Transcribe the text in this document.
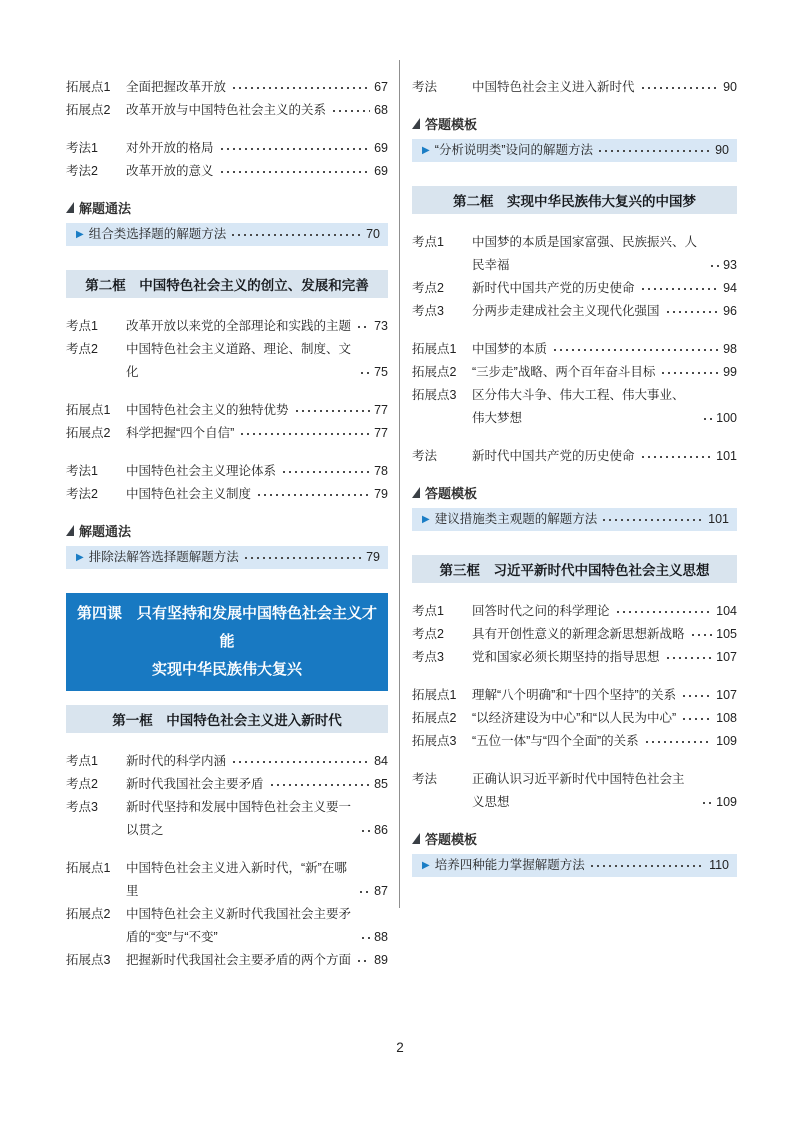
拓展点1	全面把握改革开放	67
拓展点2	改革开放与中国特色社会主义的关系	68
考法1	对外开放的格局	69
考法2	改革开放的意义	69
解题通法
▶ 组合类选择题的解题方法	70
第二框　中国特色社会主义的创立、发展和完善
考点1	改革开放以来党的全部理论和实践的主题 73
考点2	中国特色社会主义道路、理论、制度、文化	75
拓展点1	中国特色社会主义的独特优势	77
拓展点2	科学把握“四个自信”	77
考法1	中国特色社会主义理论体系	78
考法2	中国特色社会主义制度	79
解题通法
▶ 排除法解答选择题解题方法	79
第四课　只有坚持和发展中国特色社会主义才能
实现中华民族伟大复兴
第一框　中国特色社会主义进入新时代
考点1	新时代的科学内涵	84
考点2	新时代我国社会主要矛盾	85
考点3	新时代坚持和发展中国特色社会主义要一以贯之	86
拓展点1	中国特色社会主义进入新时代，“新”在哪里	87
拓展点2	中国特色社会主义新时代我国社会主要矛盾的“变”与“不变”	88
拓展点3	把握新时代我国社会主要矛盾的两个方面 89
考法	中国特色社会主义进入新时代	90
答题模板
▶ “分析说明类”设问的解题方法	90
第二框　实现中华民族伟大复兴的中国梦
考点1	中国梦的本质是国家富强、民族振兴、人民幸福	93
考点2	新时代中国共产党的历史使命	94
考点3	分两步走建成社会主义现代化强国	96
拓展点1	中国梦的本质	98
拓展点2	“三步走”战略、两个百年奋斗目标	99
拓展点3	区分伟大斗争、伟大工程、伟大事业、伟大梦想	100
考法	新时代中国共产党的历史使命	101
答题模板
▶ 建议措施类主观题的解题方法	101
第三框　习近平新时代中国特色社会主义思想
考点1	回答时代之问的科学理论	104
考点2	具有开创性意义的新理念新思想新战略	105
考点3	党和国家必须长期坚持的指导思想	107
拓展点1	理解“八个明确”和“十四个坚持”的关系	107
拓展点2	“以经济建设为中心”和“以人民为中心”	108
拓展点3	“五位一体”与“四个全面”的关系	109
考法	正确认识习近平新时代中国特色社会主义思想	109
答题模板
▶ 培养四种能力掌握解题方法	110
2
